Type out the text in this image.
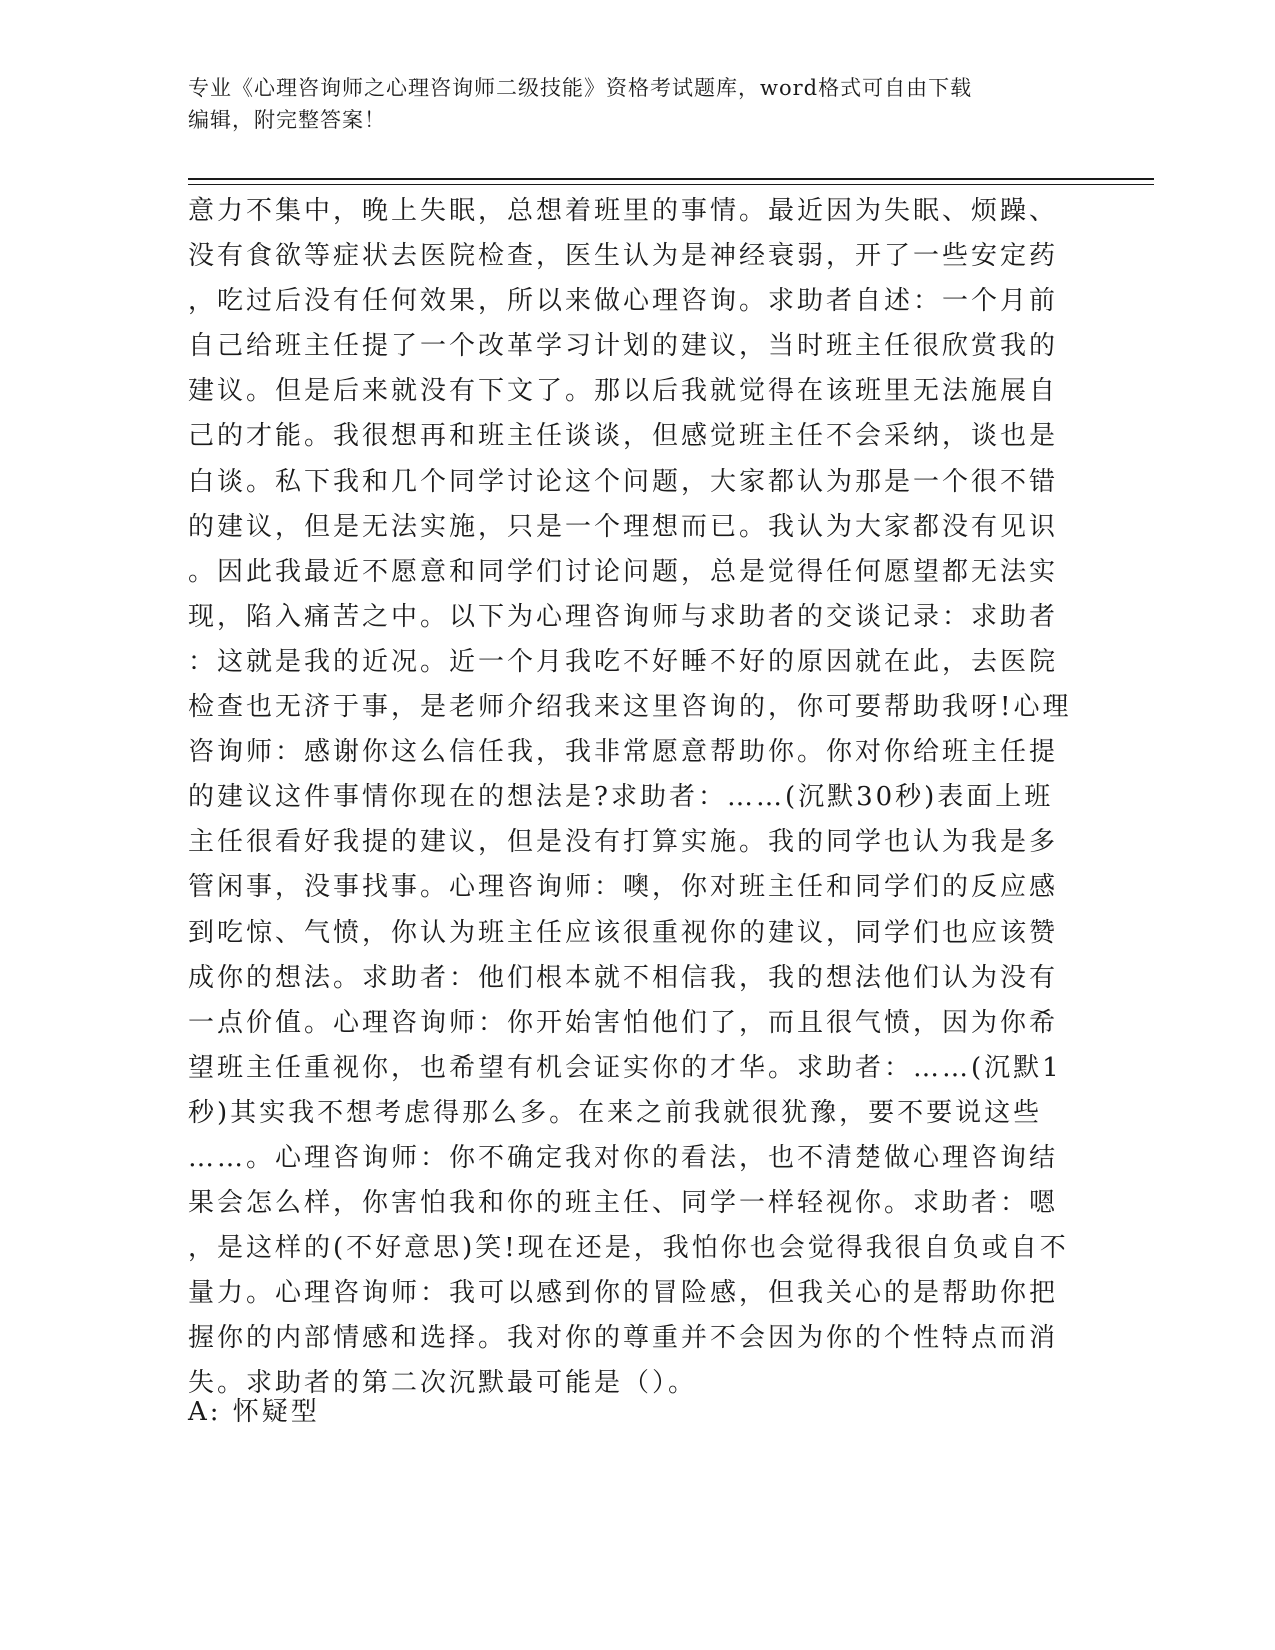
专业《心理咨询师之心理咨询师二级技能》资格考试题库，word格式可自由下载
编辑，附完整答案！
意力不集中，晚上失眠，总想着班里的事情。最近因为失眠、烦躁、
没有食欲等症状去医院检查，医生认为是神经衰弱，开了一些安定药
，吃过后没有任何效果，所以来做心理咨询。求助者自述：一个月前
自己给班主任提了一个改革学习计划的建议，当时班主任很欣赏我的
建议。但是后来就没有下文了。那以后我就觉得在该班里无法施展自
己的才能。我很想再和班主任谈谈，但感觉班主任不会采纳，谈也是
白谈。私下我和几个同学讨论这个问题，大家都认为那是一个很不错
的建议，但是无法实施，只是一个理想而已。我认为大家都没有见识
。因此我最近不愿意和同学们讨论问题，总是觉得任何愿望都无法实
现，陷入痛苦之中。以下为心理咨询师与求助者的交谈记录：求助者
：这就是我的近况。近一个月我吃不好睡不好的原因就在此，去医院
检查也无济于事，是老师介绍我来这里咨询的，你可要帮助我呀!心理
咨询师：感谢你这么信任我，我非常愿意帮助你。你对你给班主任提
的建议这件事情你现在的想法是?求助者：……(沉默30秒)表面上班
主任很看好我提的建议，但是没有打算实施。我的同学也认为我是多
管闲事，没事找事。心理咨询师：噢，你对班主任和同学们的反应感
到吃惊、气愤，你认为班主任应该很重视你的建议，同学们也应该赞
成你的想法。求助者：他们根本就不相信我，我的想法他们认为没有
一点价值。心理咨询师：你开始害怕他们了，而且很气愤，因为你希
望班主任重视你，也希望有机会证实你的才华。求助者：……(沉默1
秒)其实我不想考虑得那么多。在来之前我就很犹豫，要不要说这些
……。心理咨询师：你不确定我对你的看法，也不清楚做心理咨询结
果会怎么样，你害怕我和你的班主任、同学一样轻视你。求助者：嗯
，是这样的(不好意思)笑!现在还是，我怕你也会觉得我很自负或自不
量力。心理咨询师：我可以感到你的冒险感，但我关心的是帮助你把
握你的内部情感和选择。我对你的尊重并不会因为你的个性特点而消
失。求助者的第二次沉默最可能是（）。
A: 怀疑型
